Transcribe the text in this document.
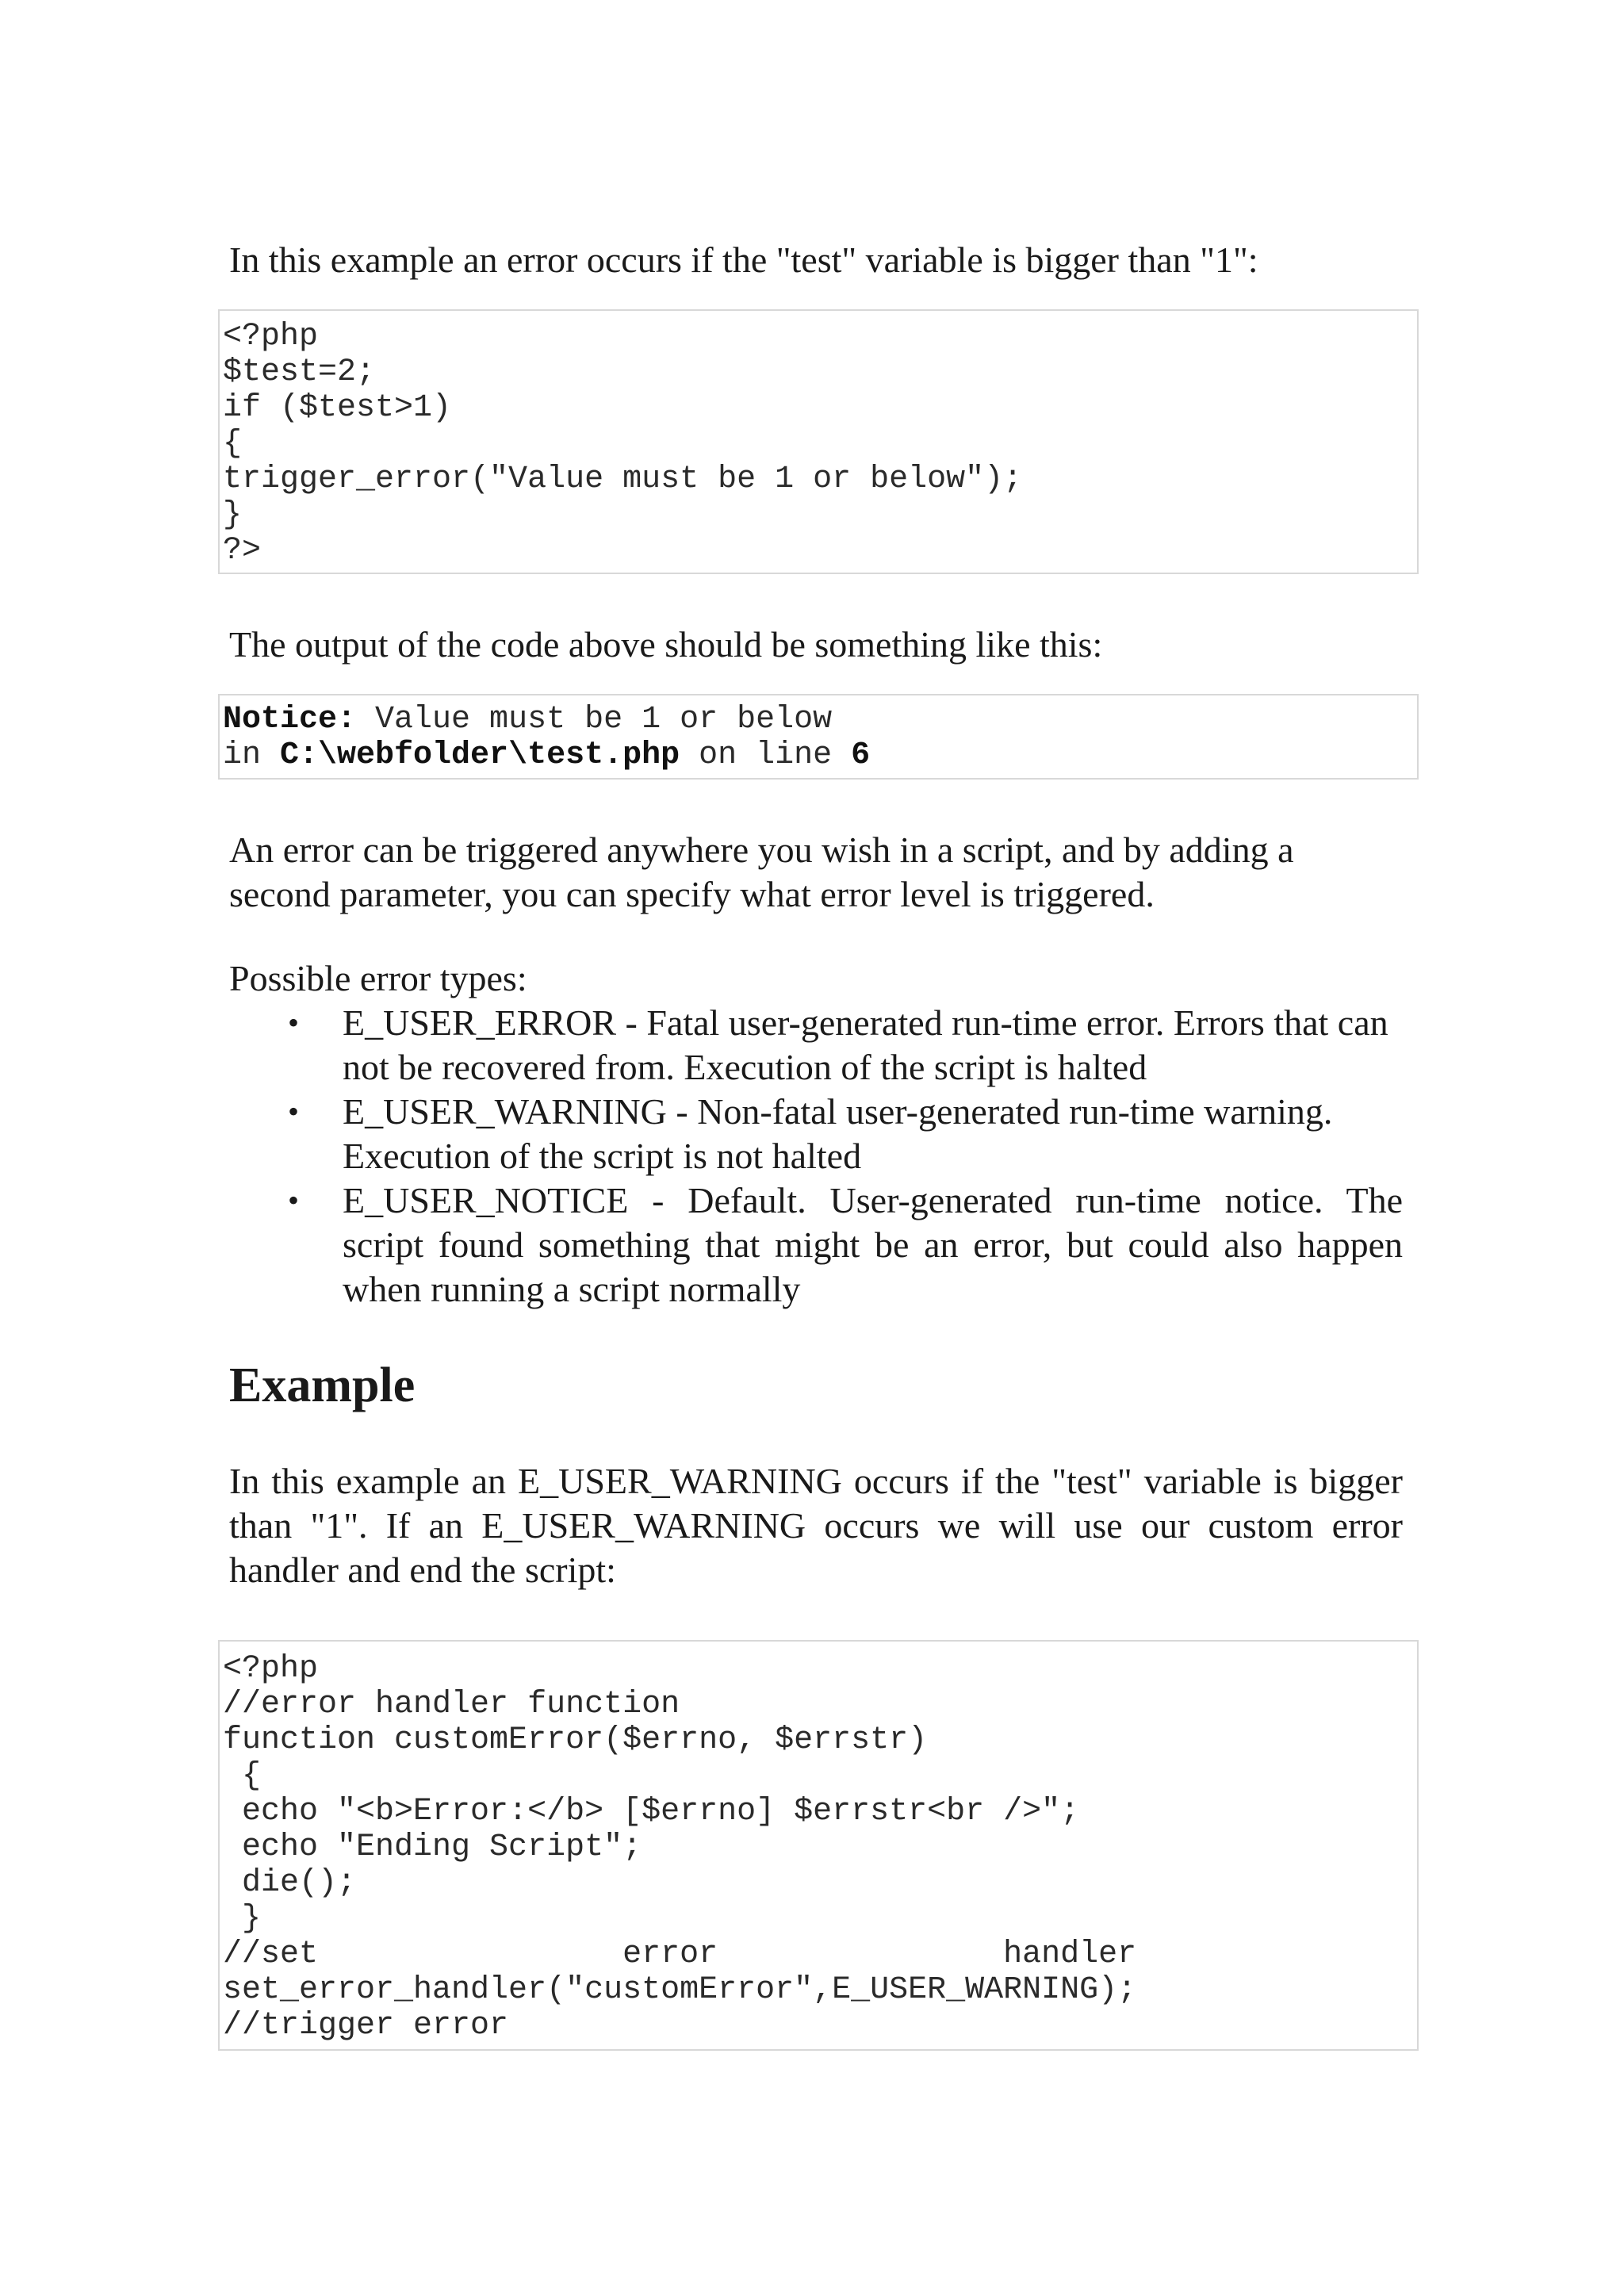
In this example an error occurs if the "test" variable is bigger than "1":

<?php
$test=2;
if ($test>1)
{
trigger_error("Value must be 1 or below");
}
?>

The output of the code above should be something like this:

Notice: Value must be 1 or below
in C:\webfolder\test.php on line 6

An error can be triggered anywhere you wish in a script, and by adding a second parameter, you can specify what error level is triggered.

Possible error types:

• E_USER_ERROR - Fatal user-generated run-time error. Errors that can not be recovered from. Execution of the script is halted
• E_USER_WARNING - Non-fatal user-generated run-time warning. Execution of the script is not halted
• E_USER_NOTICE - Default. User-generated run-time notice. The script found something that might be an error, but could also happen when running a script normally
Example

In this example an E_USER_WARNING occurs if the "test" variable is bigger than "1". If an E_USER_WARNING occurs we will use our custom error handler and end the script:

<?php
//error handler function
function customError($errno, $errstr)
{
echo "<b>Error:</b> [$errno] $errstr<br />";
echo "Ending Script";
die();
}
//set                error               handler
set_error_handler("customError",E_USER_WARNING);
//trigger error
